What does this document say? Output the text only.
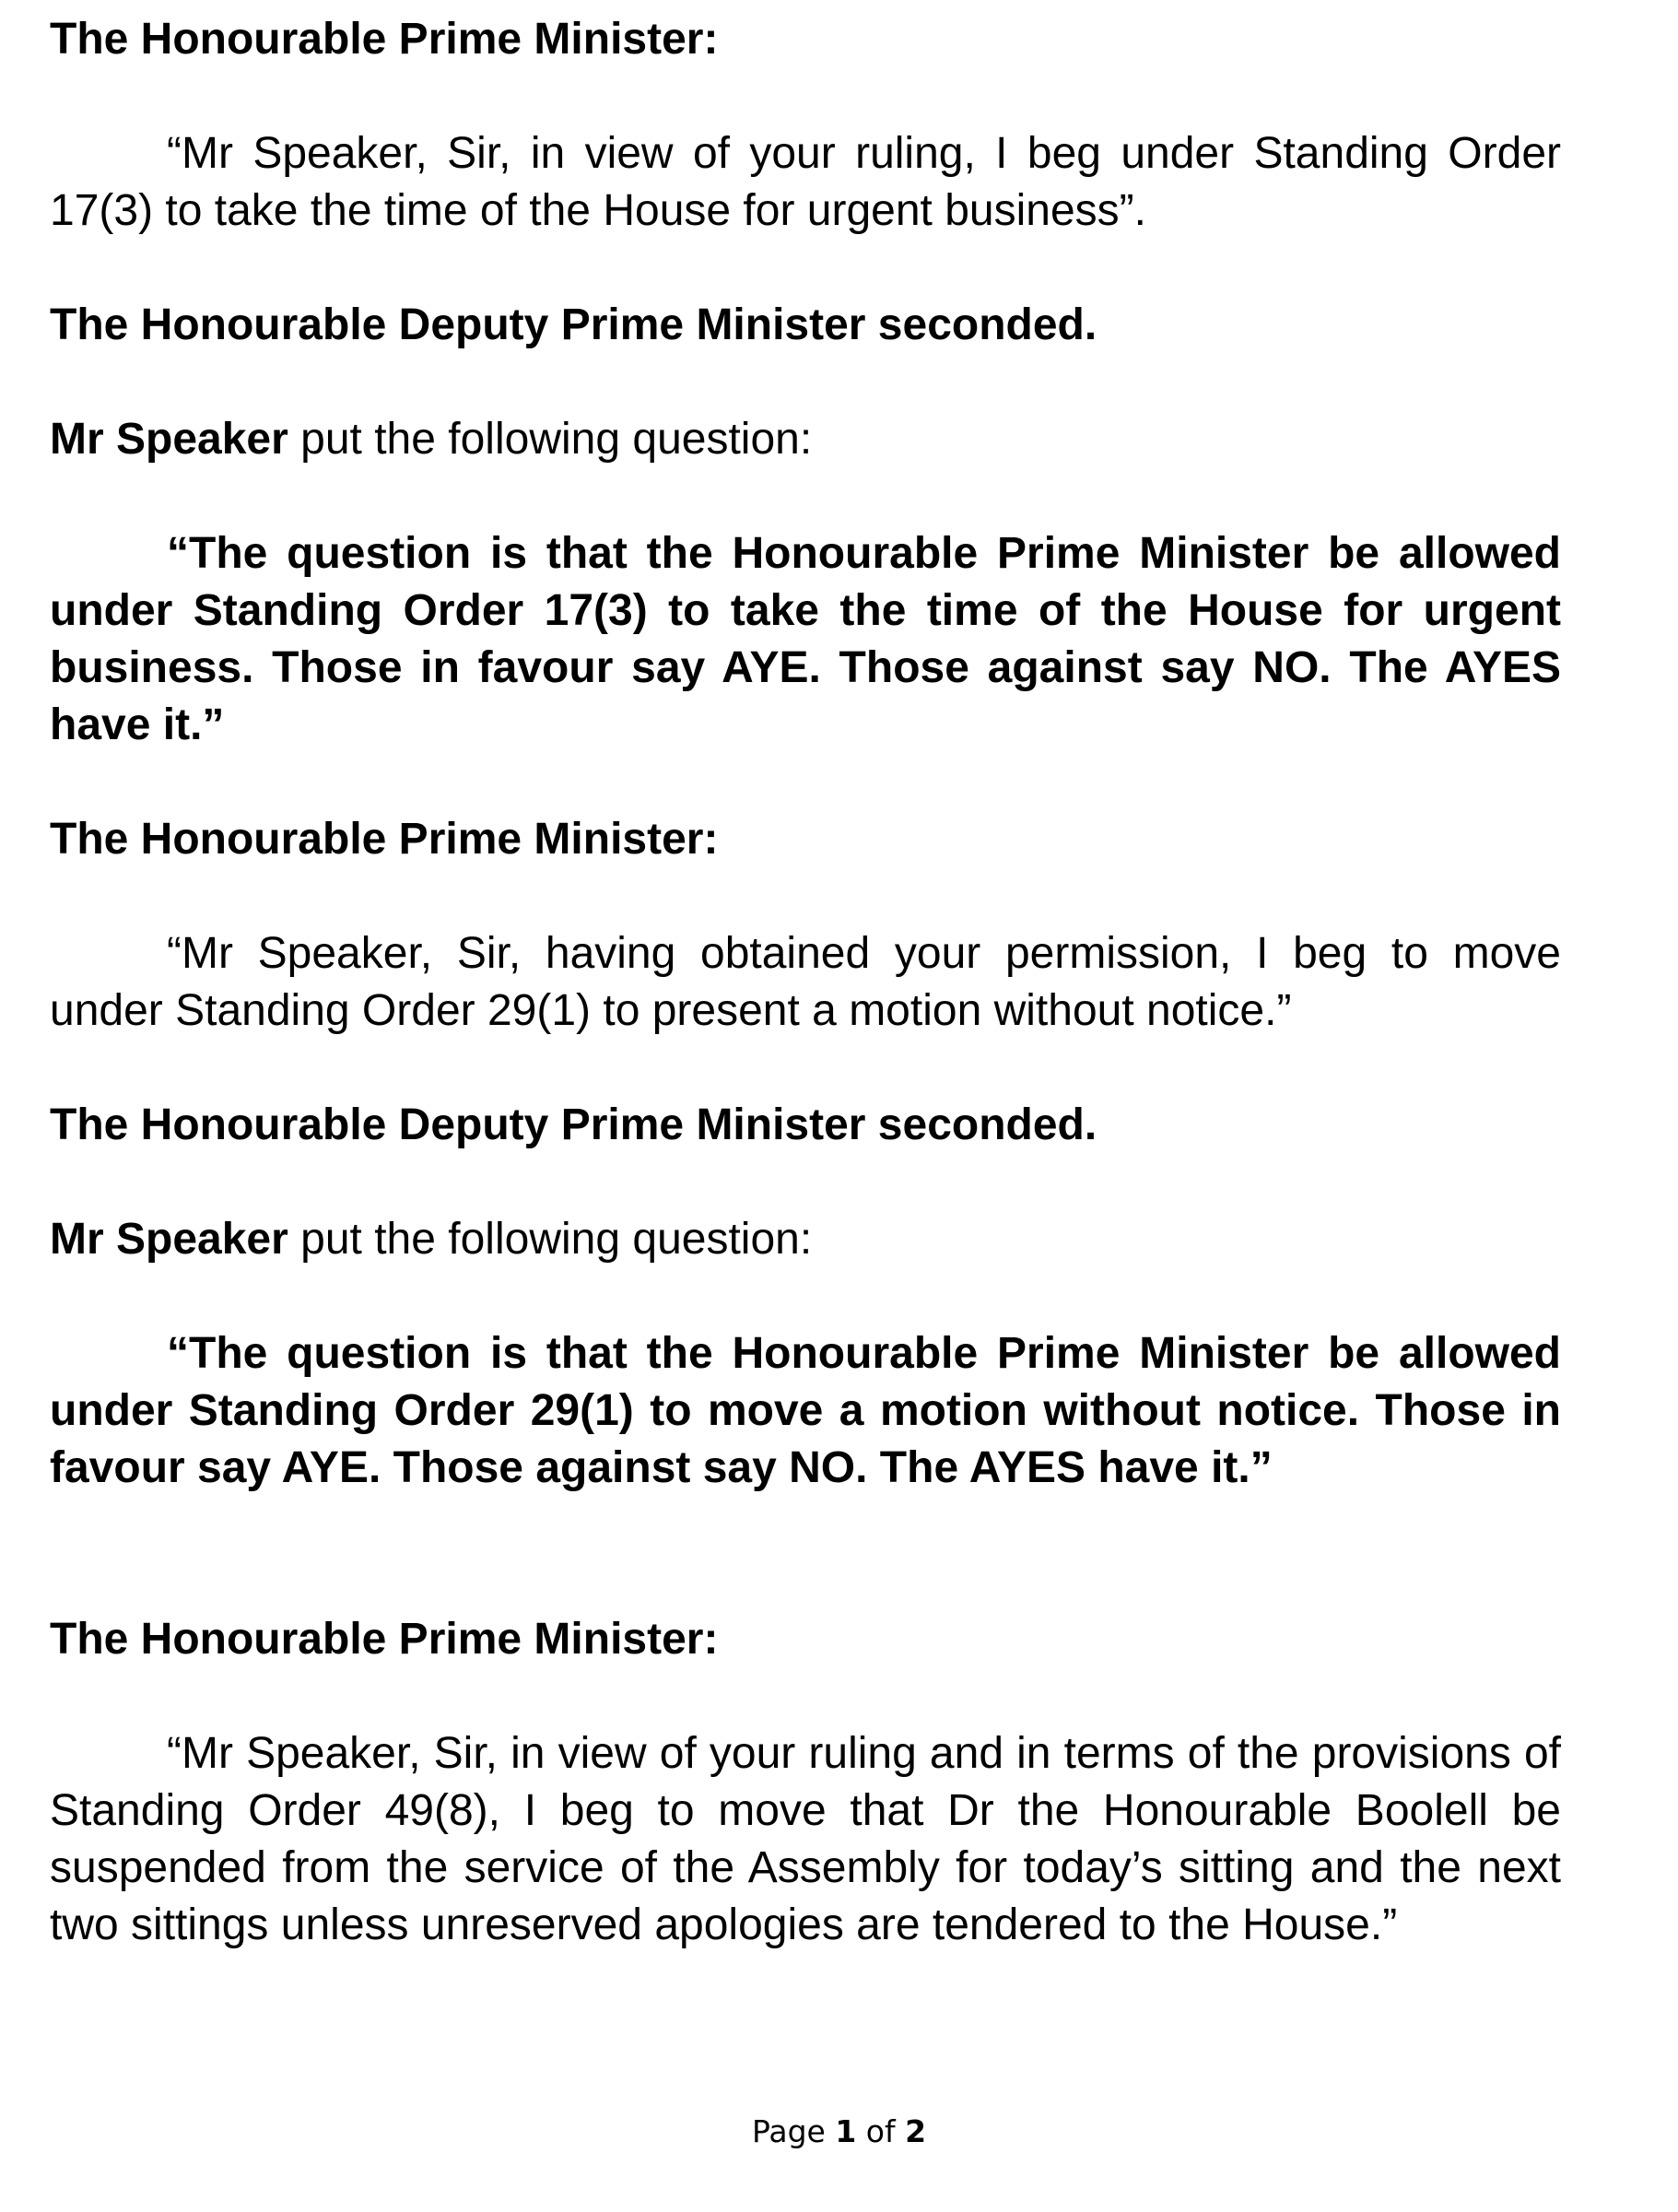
The Honourable Prime Minister:

“Mr Speaker, Sir, in view of your ruling, I beg under Standing Order 17(3) to take the time of the House for urgent business”.

The Honourable Deputy Prime Minister seconded.

Mr Speaker put the following question:

“The question is that the Honourable Prime Minister be allowed under Standing Order 17(3) to take the time of the House for urgent business. Those in favour say AYE. Those against say NO. The AYES have it.”

The Honourable Prime Minister:

“Mr Speaker, Sir, having obtained your permission, I beg to move under Standing Order 29(1) to present a motion without notice.”

The Honourable Deputy Prime Minister seconded.

Mr Speaker put the following question:

“The question is that the Honourable Prime Minister be allowed under Standing Order 29(1) to move a motion without notice. Those in favour say AYE. Those against say NO. The AYES have it.”

The Honourable Prime Minister:

“Mr Speaker, Sir, in view of your ruling and in terms of the provisions of Standing Order 49(8), I beg to move that Dr the Honourable Boolell be suspended from the service of the Assembly for today’s sitting and the next two sittings unless unreserved apologies are tendered to the House.”

Page 1 of 2
